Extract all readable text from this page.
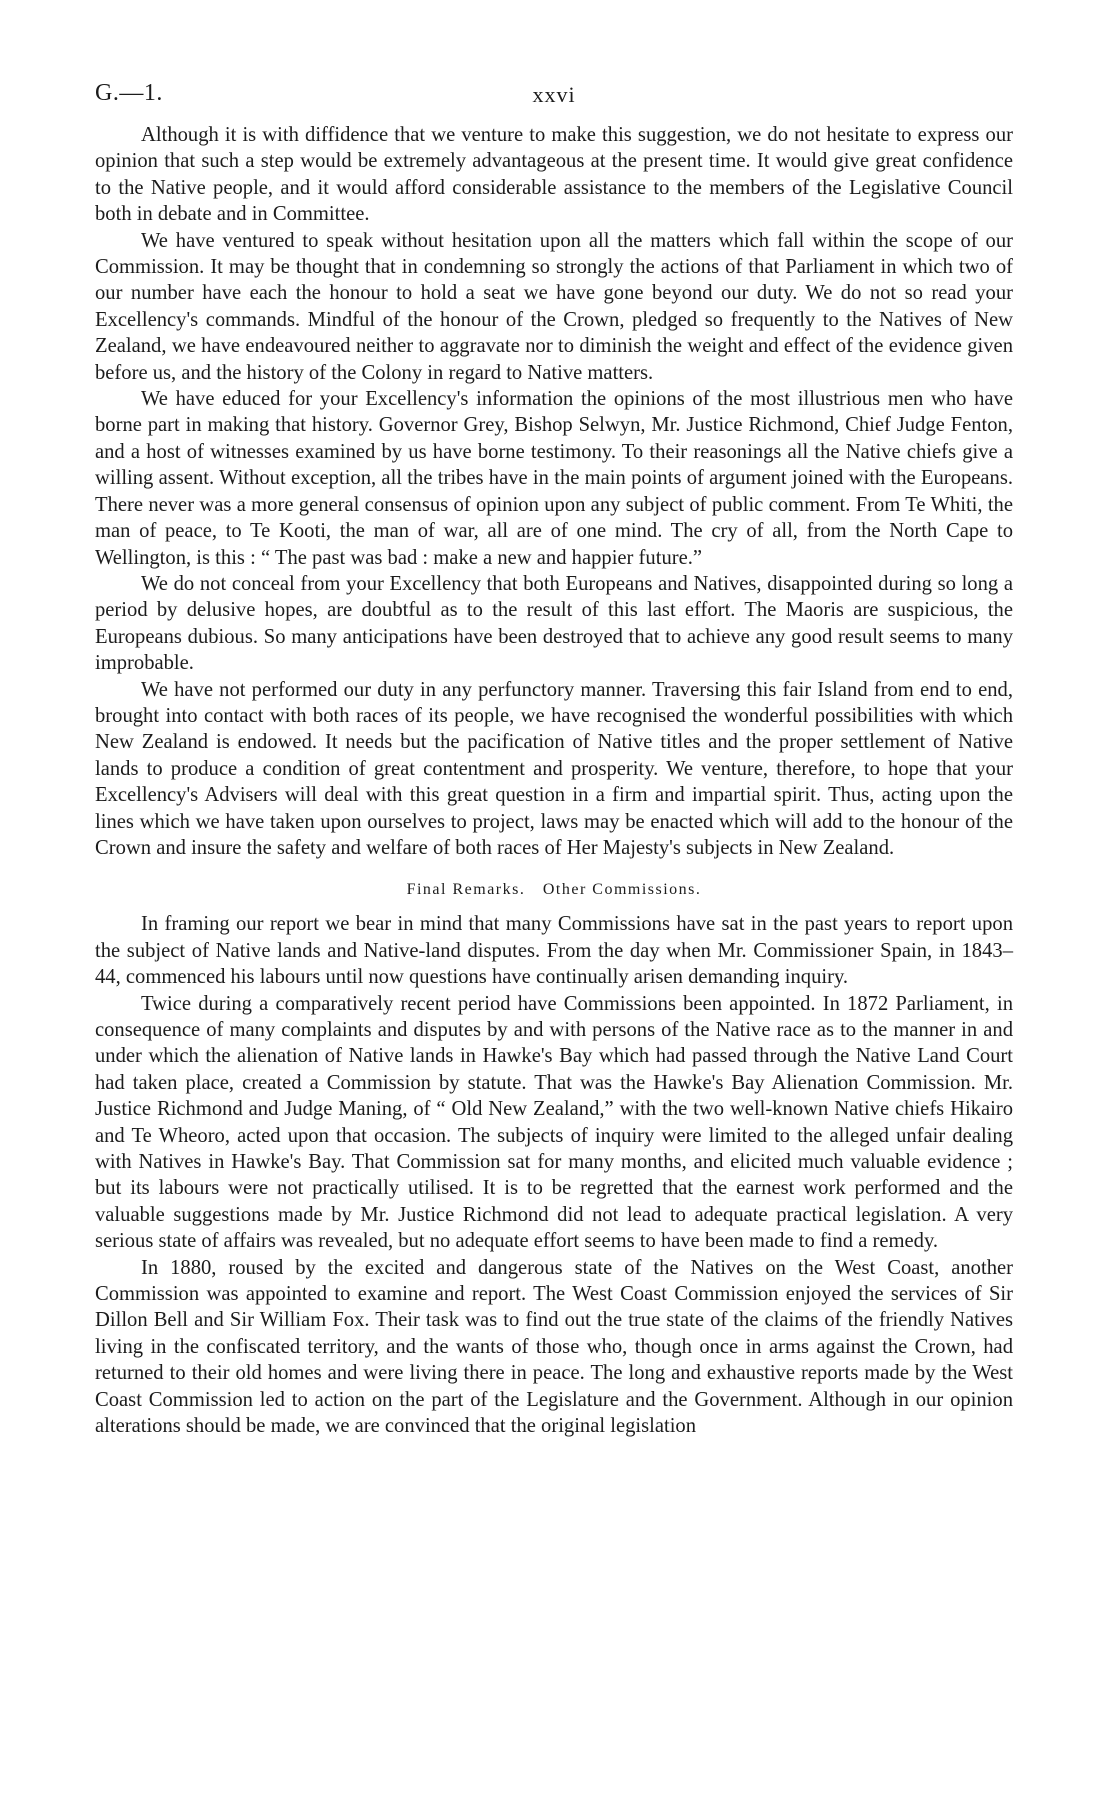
G.—1.	xxvi

Although it is with diffidence that we venture to make this suggestion, we do not hesitate to express our opinion that such a step would be extremely advantageous at the present time. It would give great confidence to the Native people, and it would afford considerable assistance to the members of the Legislative Council both in debate and in Committee.

We have ventured to speak without hesitation upon all the matters which fall within the scope of our Commission. It may be thought that in condemning so strongly the actions of that Parliament in which two of our number have each the honour to hold a seat we have gone beyond our duty. We do not so read your Excellency's commands. Mindful of the honour of the Crown, pledged so frequently to the Natives of New Zealand, we have endeavoured neither to aggravate nor to diminish the weight and effect of the evidence given before us, and the history of the Colony in regard to Native matters.

We have educed for your Excellency's information the opinions of the most illustrious men who have borne part in making that history. Governor Grey, Bishop Selwyn, Mr. Justice Richmond, Chief Judge Fenton, and a host of witnesses examined by us have borne testimony. To their reasonings all the Native chiefs give a willing assent. Without exception, all the tribes have in the main points of argument joined with the Europeans. There never was a more general consensus of opinion upon any subject of public comment. From Te Whiti, the man of peace, to Te Kooti, the man of war, all are of one mind. The cry of all, from the North Cape to Wellington, is this : “ The past was bad : make a new and happier future.”

We do not conceal from your Excellency that both Europeans and Natives, disappointed during so long a period by delusive hopes, are doubtful as to the result of this last effort. The Maoris are suspicious, the Europeans dubious. So many anticipations have been destroyed that to achieve any good result seems to many improbable.

We have not performed our duty in any perfunctory manner. Traversing this fair Island from end to end, brought into contact with both races of its people, we have recognised the wonderful possibilities with which New Zealand is endowed. It needs but the pacification of Native titles and the proper settlement of Native lands to produce a condition of great contentment and prosperity. We venture, therefore, to hope that your Excellency's Advisers will deal with this great question in a firm and impartial spirit. Thus, acting upon the lines which we have taken upon ourselves to project, laws may be enacted which will add to the honour of the Crown and insure the safety and welfare of both races of Her Majesty's subjects in New Zealand.

Final Remarks. Other Commissions.

In framing our report we bear in mind that many Commissions have sat in the past years to report upon the subject of Native lands and Native-land disputes. From the day when Mr. Commissioner Spain, in 1843–44, commenced his labours until now questions have continually arisen demanding inquiry.

Twice during a comparatively recent period have Commissions been appointed. In 1872 Parliament, in consequence of many complaints and disputes by and with persons of the Native race as to the manner in and under which the alienation of Native lands in Hawke's Bay which had passed through the Native Land Court had taken place, created a Commission by statute. That was the Hawke's Bay Alienation Commission. Mr. Justice Richmond and Judge Maning, of “ Old New Zealand,” with the two well-known Native chiefs Hikairo and Te Wheoro, acted upon that occasion. The subjects of inquiry were limited to the alleged unfair dealing with Natives in Hawke's Bay. That Commission sat for many months, and elicited much valuable evidence ; but its labours were not practically utilised. It is to be regretted that the earnest work performed and the valuable suggestions made by Mr. Justice Richmond did not lead to adequate practical legislation. A very serious state of affairs was revealed, but no adequate effort seems to have been made to find a remedy.

In 1880, roused by the excited and dangerous state of the Natives on the West Coast, another Commission was appointed to examine and report. The West Coast Commission enjoyed the services of Sir Dillon Bell and Sir William Fox. Their task was to find out the true state of the claims of the friendly Natives living in the confiscated territory, and the wants of those who, though once in arms against the Crown, had returned to their old homes and were living there in peace. The long and exhaustive reports made by the West Coast Commission led to action on the part of the Legislature and the Government. Although in our opinion alterations should be made, we are convinced that the original legislation
